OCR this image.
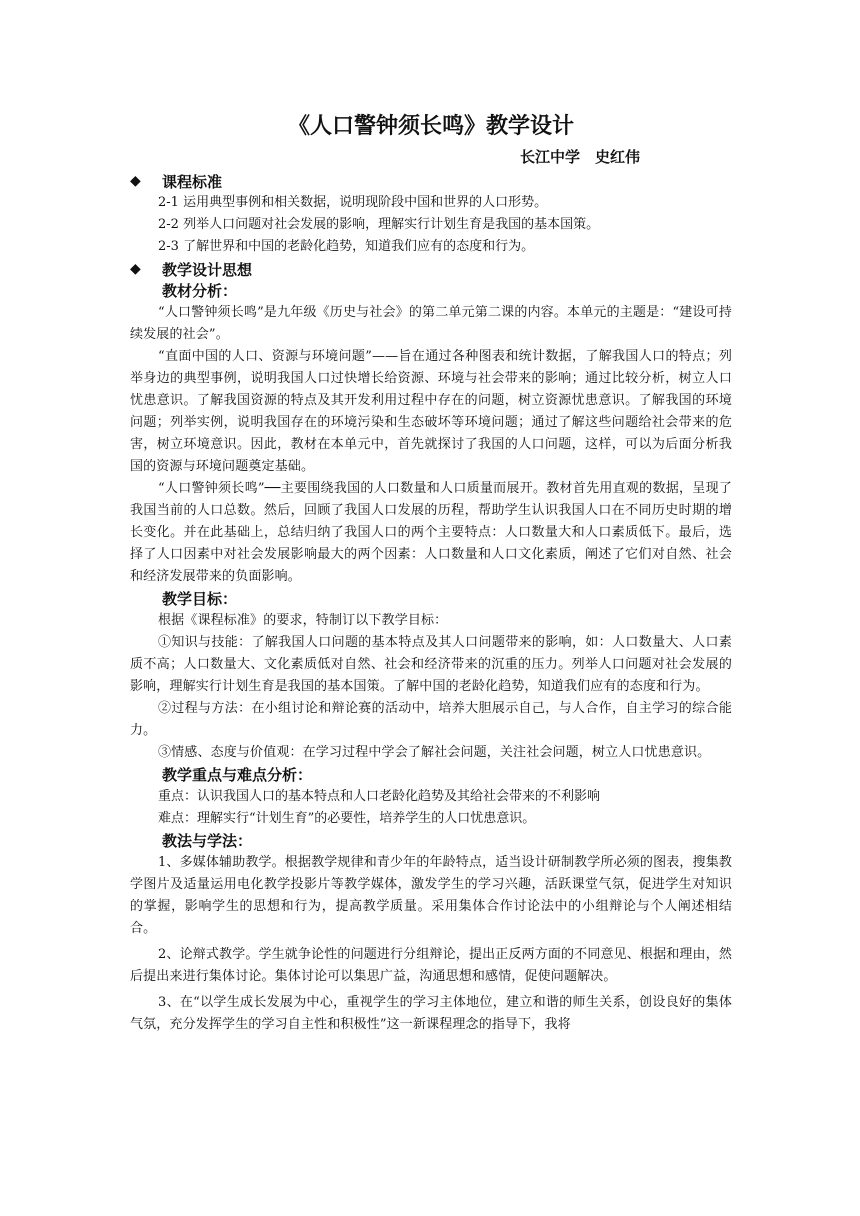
《人口警钟须长鸣》教学设计
长江中学　史红伟
◆	课程标准
2-1 运用典型事例和相关数据，说明现阶段中国和世界的人口形势。
2-2 列举人口问题对社会发展的影响，理解实行计划生育是我国的基本国策。
2-3 了解世界和中国的老龄化趋势，知道我们应有的态度和行为。
◆	教学设计思想
教材分析：

“人口警钟须长鸣”是九年级《历史与社会》的第二单元第二课的内容。本单元的主题是：“建设可持续发展的社会”。

“直面中国的人口、资源与环境问题”——旨在通过各种图表和统计数据，了解我国人口的特点；列举身边的典型事例，说明我国人口过快增长给资源、环境与社会带来的影响；通过比较分析，树立人口忧患意识。了解我国资源的特点及其开发利用过程中存在的问题，树立资源忧患意识。了解我国的环境问题；列举实例，说明我国存在的环境污染和生态破坏等环境问题；通过了解这些问题给社会带来的危害，树立环境意识。因此，教材在本单元中，首先就探讨了我国的人口问题，这样，可以为后面分析我国的资源与环境问题奠定基础。

“人口警钟须长鸣”──主要围绕我国的人口数量和人口质量而展开。教材首先用直观的数据，呈现了我国当前的人口总数。然后，回顾了我国人口发展的历程，帮助学生认识我国人口在不同历史时期的增长变化。并在此基础上，总结归纳了我国人口的两个主要特点：人口数量大和人口素质低下。最后，选择了人口因素中对社会发展影响最大的两个因素：人口数量和人口文化素质，阐述了它们对自然、社会和经济发展带来的负面影响。

教学目标：

根据《课程标准》的要求，特制订以下教学目标：

①知识与技能：了解我国人口问题的基本特点及其人口问题带来的影响，如：人口数量大、人口素质不高；人口数量大、文化素质低对自然、社会和经济带来的沉重的压力。列举人口问题对社会发展的影响，理解实行计划生育是我国的基本国策。了解中国的老龄化趋势，知道我们应有的态度和行为。

②过程与方法：在小组讨论和辩论赛的活动中，培养大胆展示自己，与人合作，自主学习的综合能力。

③情感、态度与价值观：在学习过程中学会了解社会问题，关注社会问题，树立人口忧患意识。

教学重点与难点分析：
重点：认识我国人口的基本特点和人口老龄化趋势及其给社会带来的不利影响
难点：理解实行“计划生育”的必要性，培养学生的人口忧患意识。
教法与学法：

1、多媒体辅助教学。根据教学规律和青少年的年龄特点，适当设计研制教学所必须的图表，搜集教学图片及适量运用电化教学投影片等教学媒体，激发学生的学习兴趣，活跃课堂气氛，促进学生对知识的掌握，影响学生的思想和行为，提高教学质量。采用集体合作讨论法中的小组辩论与个人阐述相结合。

2、论辩式教学。学生就争论性的问题进行分组辩论，提出正反两方面的不同意见、根据和理由，然后提出来进行集体讨论。集体讨论可以集思广益，沟通思想和感情，促使问题解决。

3、在“以学生成长发展为中心，重视学生的学习主体地位，建立和谐的师生关系，创设良好的集体气氛，充分发挥学生的学习自主性和积极性”这一新课程理念的指导下，我将
